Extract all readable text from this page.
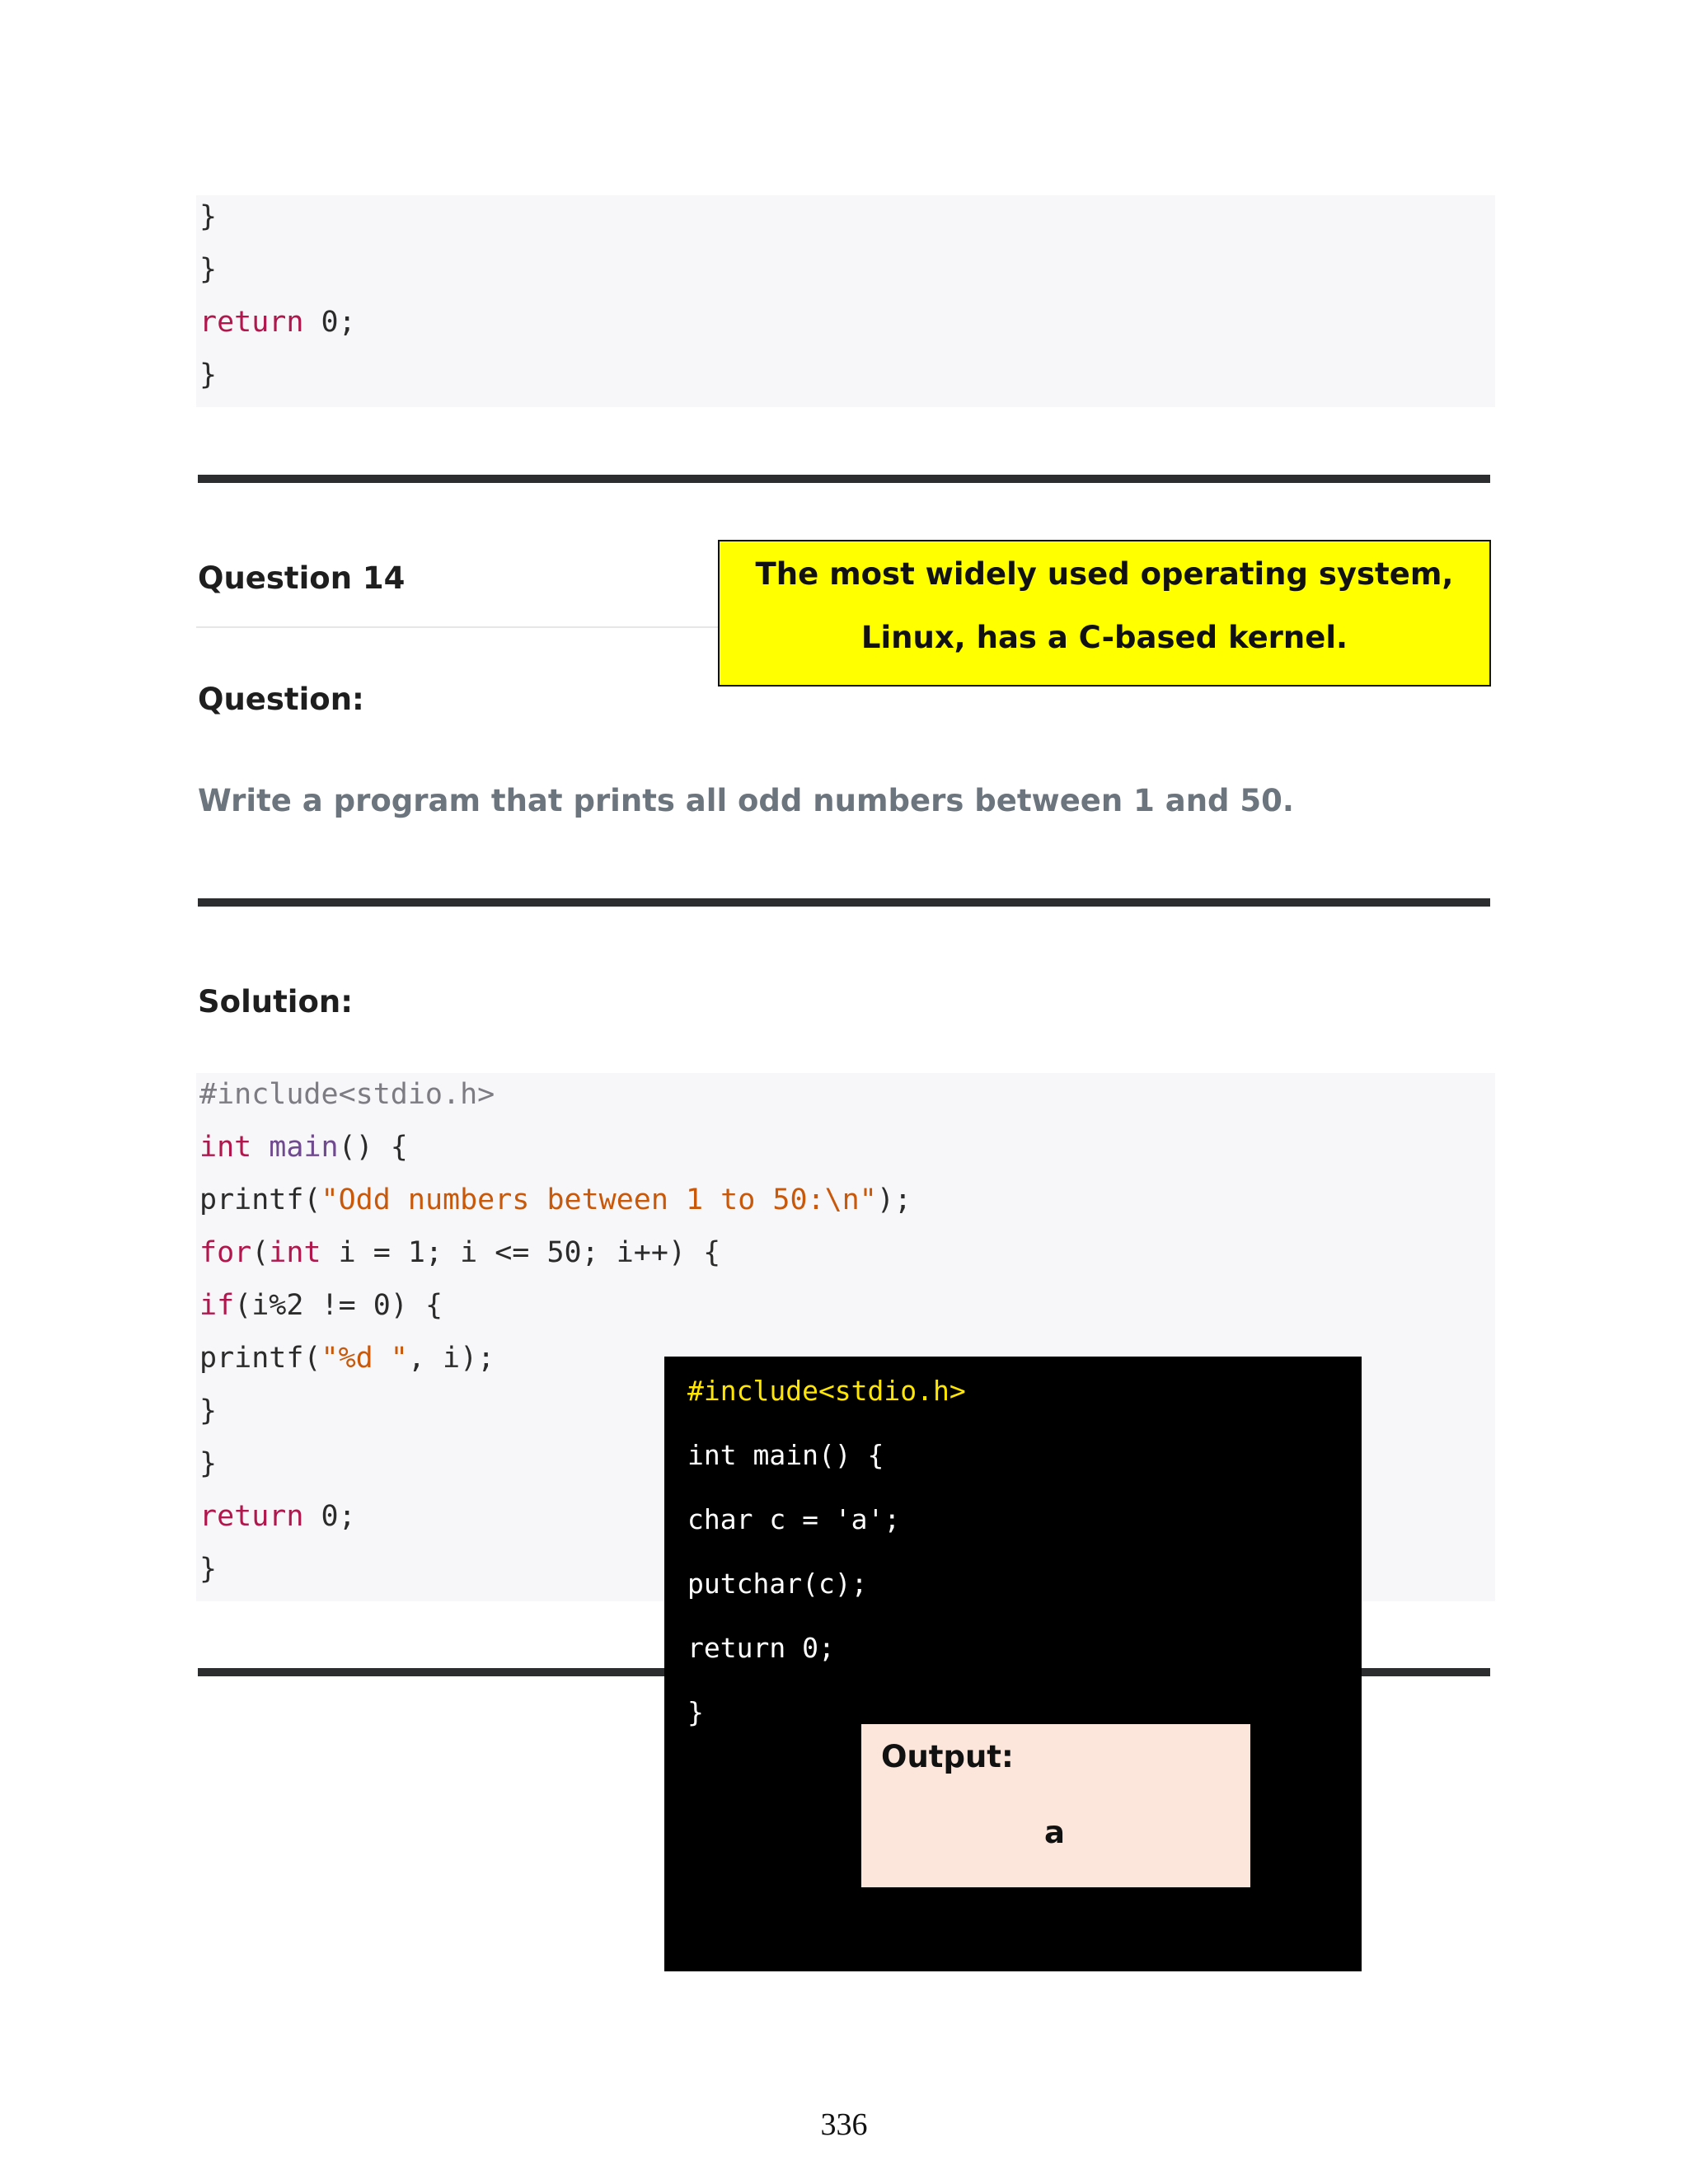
}
}
return 0;
}
Question 14	The most widely used operating system,
Linux, has a C-based kernel.
Question:
Write a program that prints all odd numbers between 1 and 50.
Solution:
#include<stdio.h>
int main() {
printf("Odd numbers between 1 to 50:\n");
for(int i = 1; i <= 50; i++) {
if(i%2 != 0) {
printf("%d ", i);
}
}
return 0;
}
#include<stdio.h>
int main() {
char c = 'a';
putchar(c);
return 0;
}
Output:
a
336
